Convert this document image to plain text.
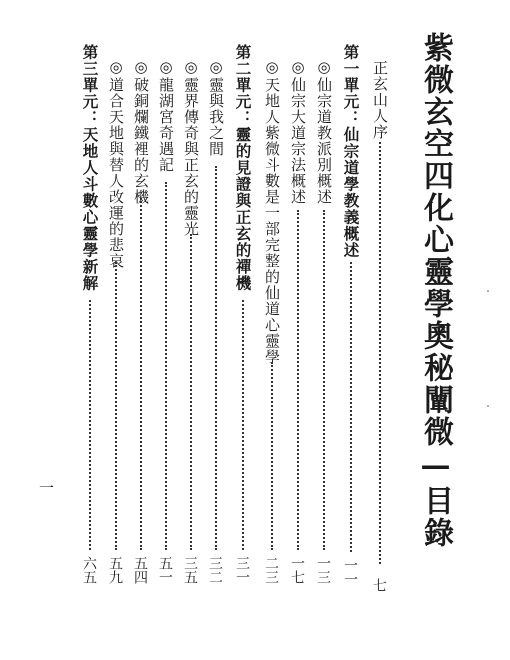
紫微玄空四化心靈學奧秘闡微—目錄
正玄山人序
七
第一單元：仙宗道學教義概述
一一
◎仙宗道教派別概述
一三
◎仙宗大道宗法概述
一七
◎天地人紫微斗數是一部完整的仙道心靈學
二三
第二單元：靈的見證與正玄的禪機
三一
◎靈與我之間
三二
◎靈界傳奇與正玄的靈光
三五
◎龍湖宮奇遇記
五一
◎破銅爛鐵裡的玄機
五四
◎道合天地與替人改運的悲哀
五九
第三單元：天地人斗數心靈學新解
六五
一
